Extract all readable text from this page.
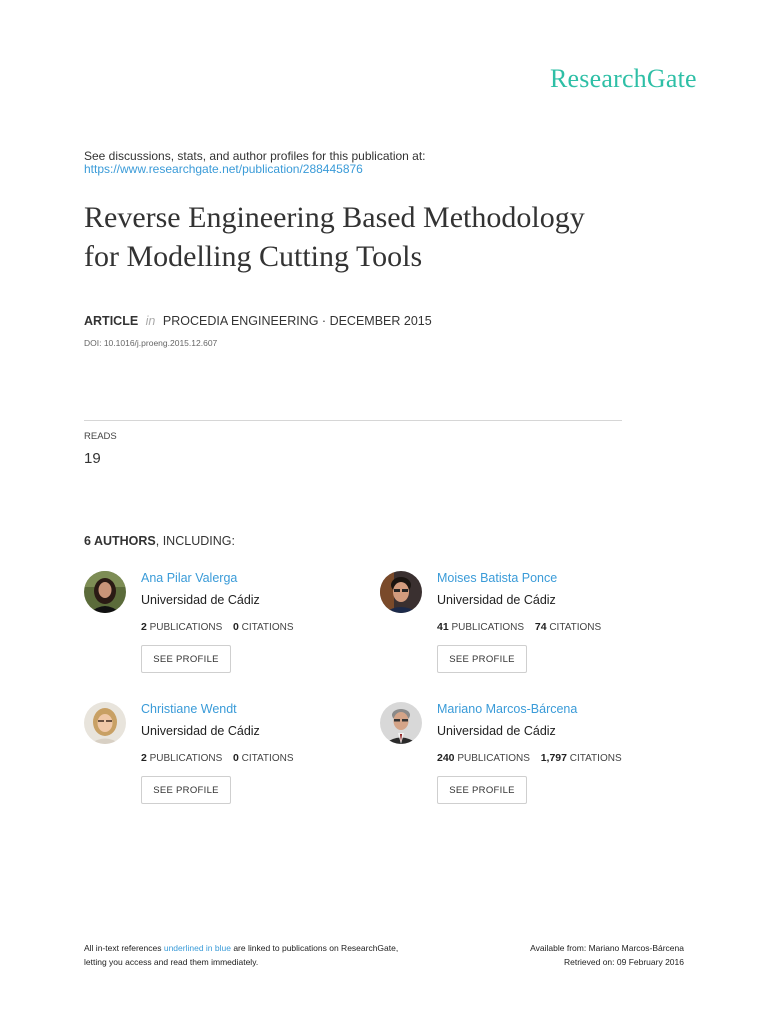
ResearchGate
See discussions, stats, and author profiles for this publication at:
https://www.researchgate.net/publication/288445876
Reverse Engineering Based Methodology
for Modelling Cutting Tools
ARTICLE in PROCEDIA ENGINEERING · DECEMBER 2015
DOI: 10.1016/j.proeng.2015.12.607
READS
19
6 AUTHORS, INCLUDING:
Ana Pilar Valerga
Universidad de Cádiz
2 PUBLICATIONS 0 CITATIONS
SEE PROFILE
Moises Batista Ponce
Universidad de Cádiz
41 PUBLICATIONS 74 CITATIONS
SEE PROFILE
Christiane Wendt
Universidad de Cádiz
2 PUBLICATIONS 0 CITATIONS
SEE PROFILE
Mariano Marcos-Bárcena
Universidad de Cádiz
240 PUBLICATIONS 1,797 CITATIONS
SEE PROFILE
All in-text references underlined in blue are linked to publications on ResearchGate,
letting you access and read them immediately.
Available from: Mariano Marcos-Bárcena
Retrieved on: 09 February 2016
